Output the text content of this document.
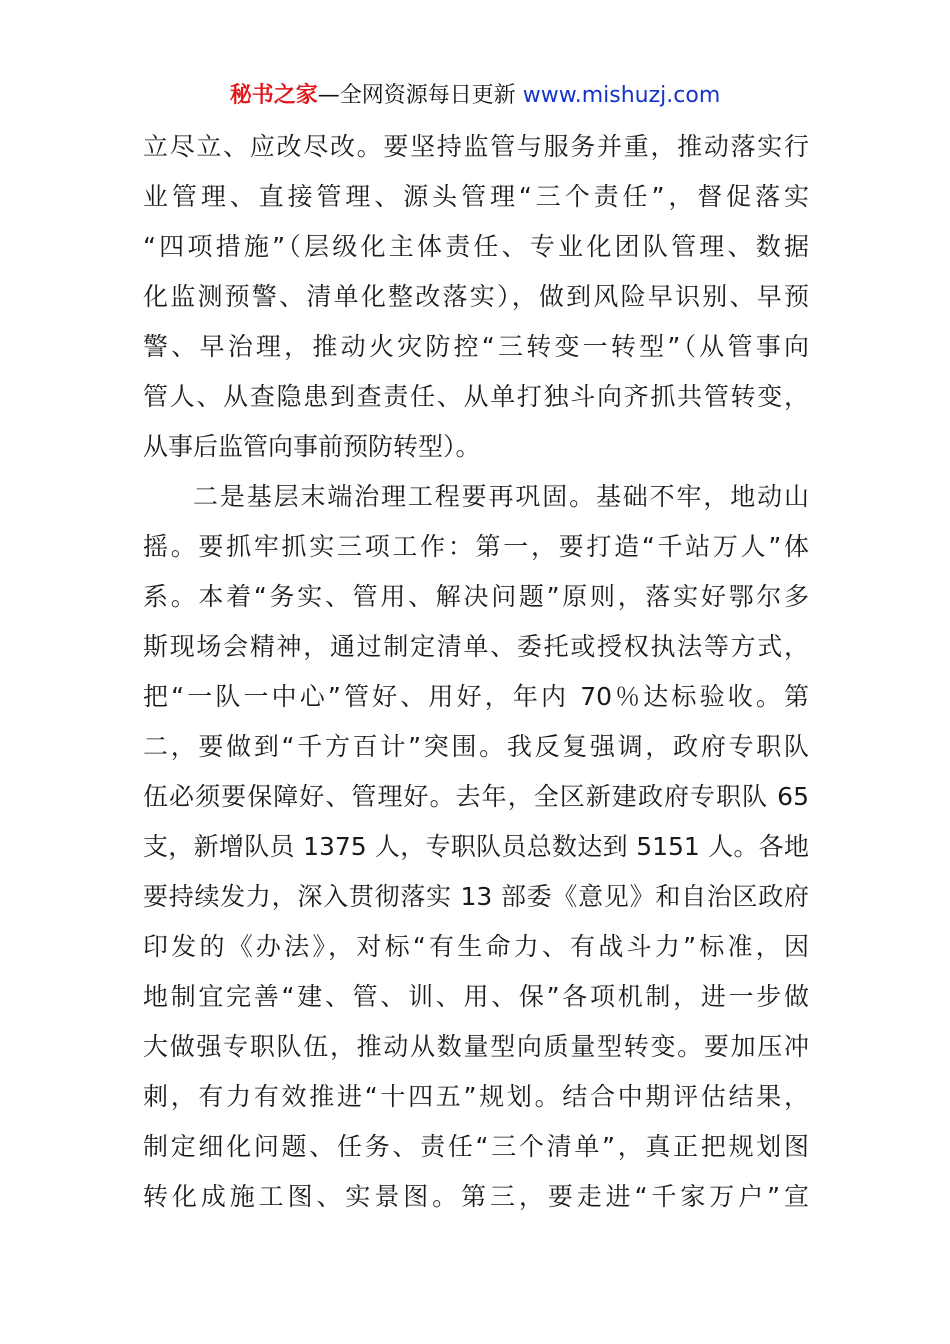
秘书之家—全网资源每日更新 www.mishuzj.com
立尽立、应改尽改。要坚持监管与服务并重，推动落实行
业管理、直接管理、源头管理“三个责任”，督促落实
“四项措施”（层级化主体责任、专业化团队管理、数据
化监测预警、清单化整改落实），做到风险早识别、早预
警、早治理，推动火灾防控“三转变一转型”（从管事向
管人、从查隐患到查责任、从单打独斗向齐抓共管转变，
从事后监管向事前预防转型）。
二是基层末端治理工程要再巩固。基础不牢，地动山
摇。要抓牢抓实三项工作：第一，要打造“千站万人”体
系。本着“务实、管用、解决问题”原则，落实好鄂尔多
斯现场会精神，通过制定清单、委托或授权执法等方式，
把“一队一中心”管好、用好，年内 70％达标验收。第
二，要做到“千方百计”突围。我反复强调，政府专职队
伍必须要保障好、管理好。去年，全区新建政府专职队 65
支，新增队员 1375 人，专职队员总数达到 5151 人。各地
要持续发力，深入贯彻落实 13 部委《意见》和自治区政府
印发的《办法》，对标“有生命力、有战斗力”标准，因
地制宜完善“建、管、训、用、保”各项机制，进一步做
大做强专职队伍，推动从数量型向质量型转变。要加压冲
刺，有力有效推进“十四五”规划。结合中期评估结果，
制定细化问题、任务、责任“三个清单”，真正把规划图
转化成施工图、实景图。第三，要走进“千家万户”宣
